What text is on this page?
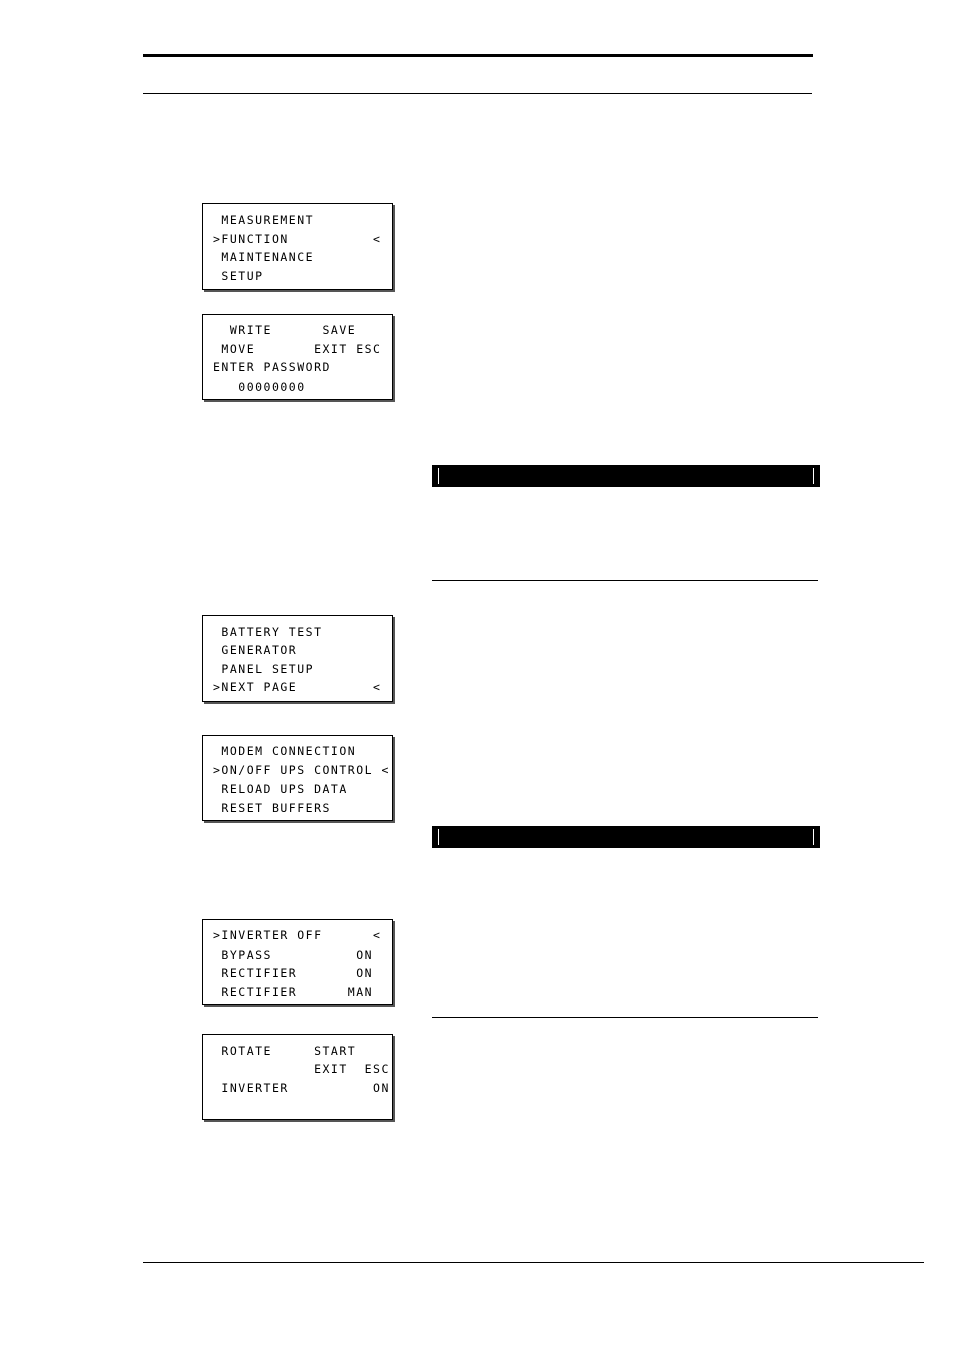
MEASUREMENT
>FUNCTION          <
MAINTENANCE
SETUP
WRITE      SAVE
MOVE       EXIT ESC
ENTER PASSWORD
00000000
BATTERY TEST
GENERATOR
PANEL SETUP
>NEXT PAGE         <
MODEM CONNECTION
>ON/OFF UPS CONTROL <
RELOAD UPS DATA
RESET BUFFERS
>INVERTER OFF      <
BYPASS          ON
RECTIFIER       ON
RECTIFIER      MAN
ROTATE     START
EXIT  ESC
INVERTER          ON
